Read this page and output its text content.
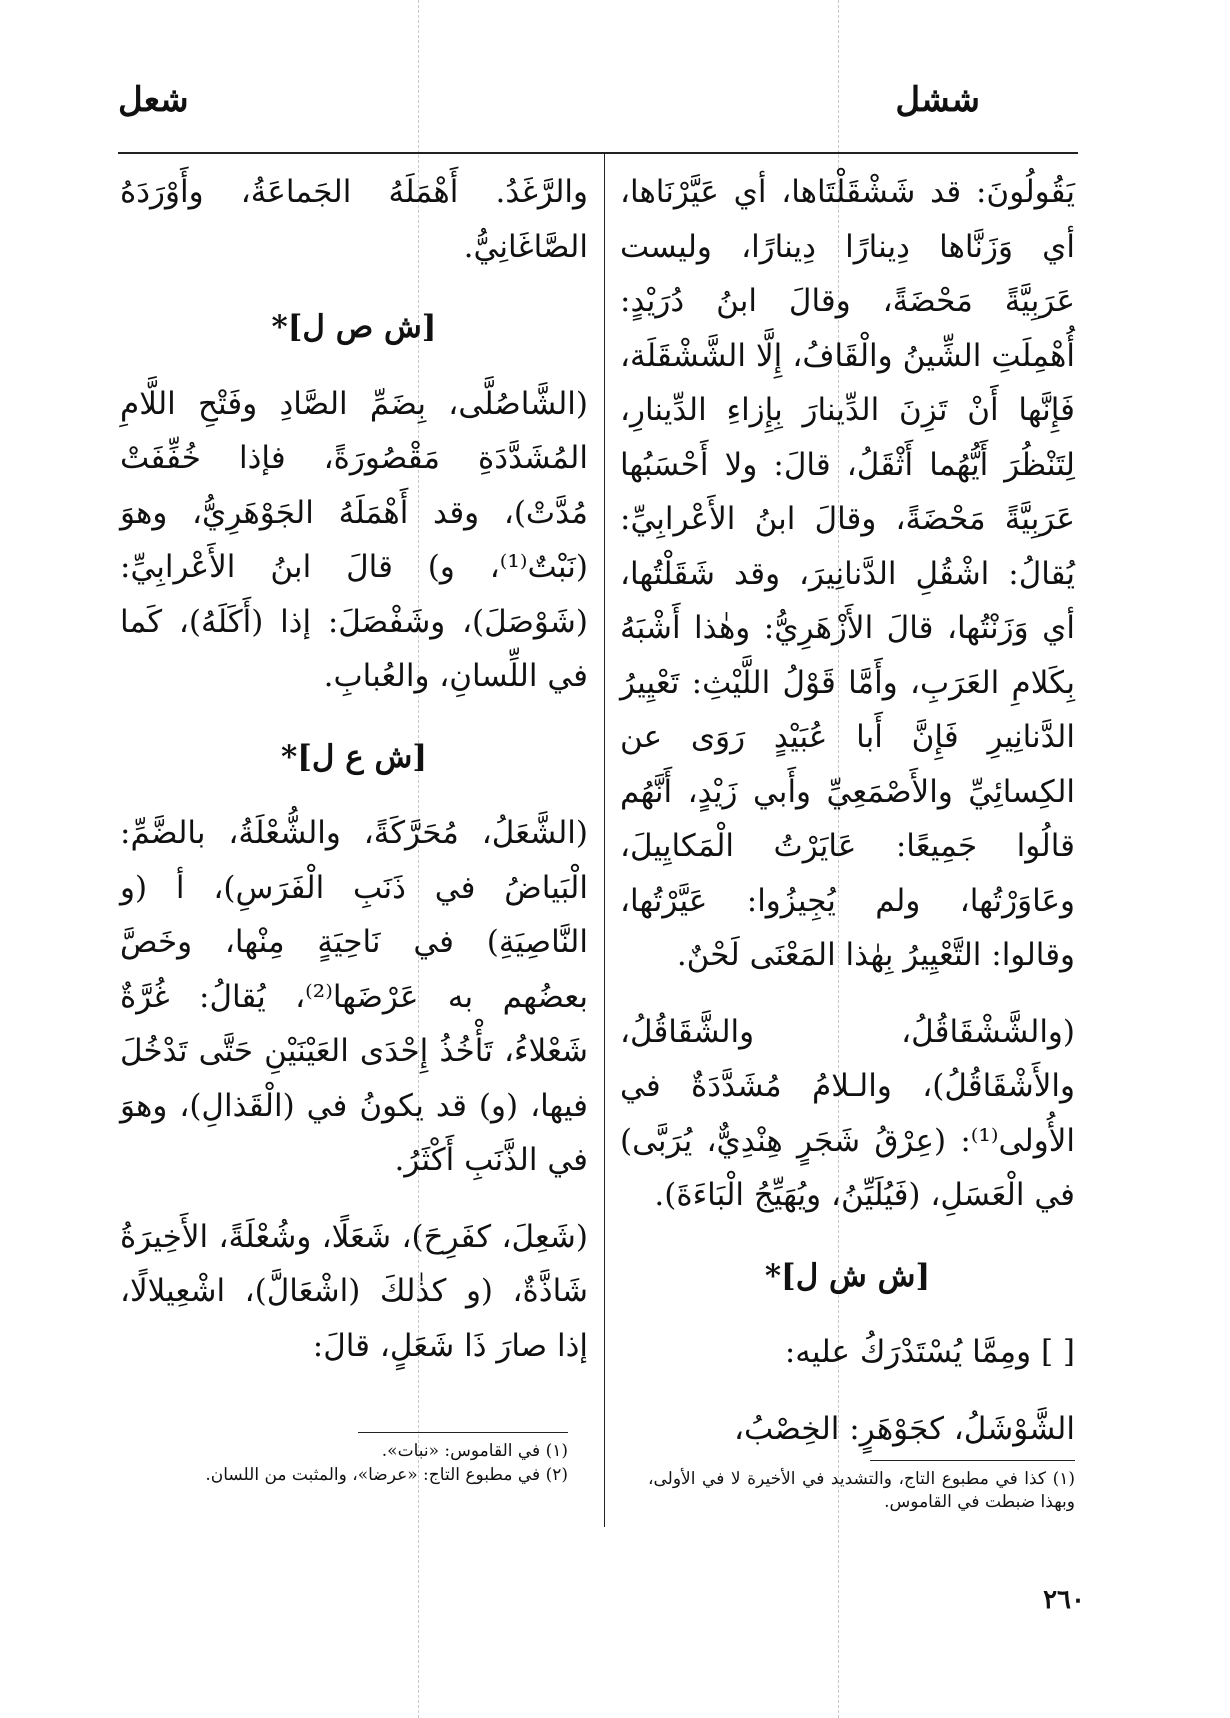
ششل
شعل

يَقُولُونَ: قد شَشْقَلْتَاها، أي عَيَّرْنَاها، أي وَزَنَّاها دِينارًا دِينارًا، وليست عَرَبِيَّةً مَحْضَةً، وقالَ ابنُ دُرَيْدٍ: أُهْمِلَتِ الشِّينُ والْقَافُ، إِلَّا الشَّشْقَلَة، فَإِنَّها أَنْ تَزِنَ الدِّينارَ بِإِزاءِ الدِّينارِ، لِتَنْظُرَ أَيُّهُما أَثْقَلُ، قالَ: ولا أَحْسَبُها عَرَبِيَّةً مَحْضَةً، وقالَ ابنُ الأَعْرابِيِّ: يُقالُ: اشْقُلِ الدَّنانِيرَ، وقد شَقَلْتُها، أي وَزَنْتُها، قالَ الأَزْهَرِيُّ: وهٰذا أَشْبَهُ بِكَلامِ العَرَبِ، وأَمَّا قَوْلُ اللَّيْثِ: تَعْيِيرُ الدَّنانِيرِ فَإِنَّ أَبا عُبَيْدٍ رَوَى عن الكِسائِيِّ والأَصْمَعِيِّ وأَبي زَيْدٍ، أَنَّهُم قالُوا جَمِيعًا: عَايَرْتُ الْمَكايِيلَ، وعَاوَرْتُها، ولم يُجِيزُوا: عَيَّرْتُها، وقالوا: التَّعْيِيرُ بِهٰذا المَعْنَى لَحْنٌ.

(والشَّشْقَاقُلُ، والشَّقَاقُلُ، والأَشْقَاقُلُ)، والـلامُ مُشَدَّدَةٌ في الأُولى⁽¹⁾: (عِرْقُ شَجَرٍ هِنْدِيٌّ، يُرَبَّى) في الْعَسَلِ، (فَيُلَيِّنُ، ويُهَيِّجُ الْبَاءَةَ).

[ش ش ل]*

[ ] ومِمَّا يُسْتَدْرَكُ عليه:

الشَّوْشَلُ، كجَوْهَرٍ: الخِصْبُ،

(١) كذا في مطبوع التاج، والتشديد في الأخيرة لا في الأولى، وبهذا ضبطت في القاموس.

والرَّغَدُ. أَهْمَلَهُ الجَماعَةُ، وأَوْرَدَهُ الصَّاغَانِيُّ.

[ش ص ل]*

(الشَّاصُلَّى، بِضَمِّ الصَّادِ وفَتْحِ اللَّامِ المُشَدَّدَةِ مَقْصُورَةً، فإذا خُفِّفَتْ مُدَّتْ)، وقد أَهْمَلَهُ الجَوْهَرِيُّ، وهوَ (نَبْتٌ⁽¹⁾، و) قالَ ابنُ الأَعْرابِيِّ: (شَوْصَلَ)، وشَفْصَلَ: إذا (أَكَلَهُ)، كَما في اللِّسانِ، والعُبابِ.

[ش ع ل]*

(الشَّعَلُ، مُحَرَّكَةً، والشُّعْلَةُ، بالضَّمِّ: الْبَياضُ في ذَنَبِ الْفَرَسِ)، أ (و النَّاصِيَةِ) في نَاحِيَةٍ مِنْها، وخَصَّ بعضُهم به عَرْضَها⁽²⁾، يُقالُ: غُرَّةٌ شَعْلاءُ، تَأْخُذُ إِحْدَى العَيْنَيْنِ حَتَّى تَدْخُلَ فيها، (و) قد يكونُ في (الْقَذالِ)، وهوَ في الذَّنَبِ أَكْثَرُ.

(شَعِلَ، كفَرِحَ)، شَعَلًا، وشُعْلَةً، الأَخِيرَةُ شَاذَّةٌ، (و كذٰلكَ (اشْعَالَّ)، اشْعِيلالًا، إذا صارَ ذَا شَعَلٍ، قالَ:

(١) في القاموس: «نبات».
(٢) في مطبوع التاج: «عرضا»، والمثبت من اللسان.
٢٦٠
